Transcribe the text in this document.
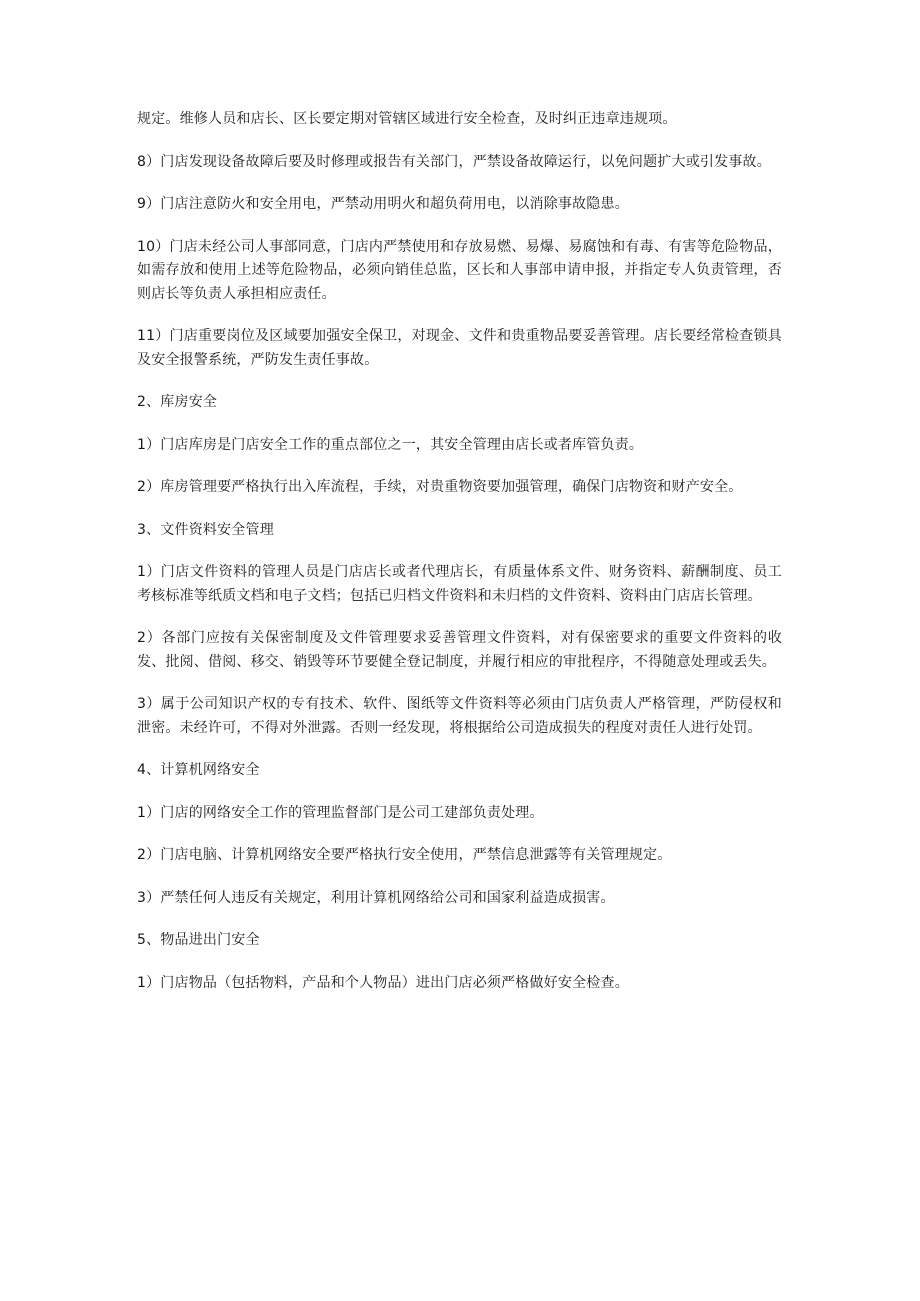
规定。维修人员和店长、区长要定期对管辖区域进行安全检查，及时纠正违章违规项。

8）门店发现设备故障后要及时修理或报告有关部门，严禁设备故障运行，以免问题扩大或引发事故。

9）门店注意防火和安全用电，严禁动用明火和超负荷用电，以消除事故隐患。

10）门店未经公司人事部同意，门店内严禁使用和存放易燃、易爆、易腐蚀和有毒、有害等危险物品，如需存放和使用上述等危险物品，必须向销佳总监，区长和人事部申请申报，并指定专人负责管理，否则店长等负责人承担相应责任。

11）门店重要岗位及区域要加强安全保卫，对现金、文件和贵重物品要妥善管理。店长要经常检查锁具及安全报警系统，严防发生责任事故。

2、库房安全

1）门店库房是门店安全工作的重点部位之一，其安全管理由店长或者库管负责。

2）库房管理要严格执行出入库流程，手续，对贵重物资要加强管理，确保门店物资和财产安全。

3、文件资料安全管理

1）门店文件资料的管理人员是门店店长或者代理店长，有质量体系文件、财务资料、薪酬制度、员工考核标准等纸质文档和电子文档；包括已归档文件资料和未归档的文件资料、资料由门店店长管理。

2）各部门应按有关保密制度及文件管理要求妥善管理文件资料，对有保密要求的重要文件资料的收发、批阅、借阅、移交、销毁等环节要健全登记制度，并履行相应的审批程序，不得随意处理或丢失。

3）属于公司知识产权的专有技术、软件、图纸等文件资料等必须由门店负责人严格管理，严防侵权和泄密。未经许可，不得对外泄露。否则一经发现，将根据给公司造成损失的程度对责任人进行处罚。

4、计算机网络安全

1）门店的网络安全工作的管理监督部门是公司工建部负责处理。

2）门店电脑、计算机网络安全要严格执行安全使用，严禁信息泄露等有关管理规定。

3）严禁任何人违反有关规定，利用计算机网络给公司和国家利益造成损害。

5、物品进出门安全

1）门店物品（包括物料，产品和个人物品）进出门店必须严格做好安全检查。
